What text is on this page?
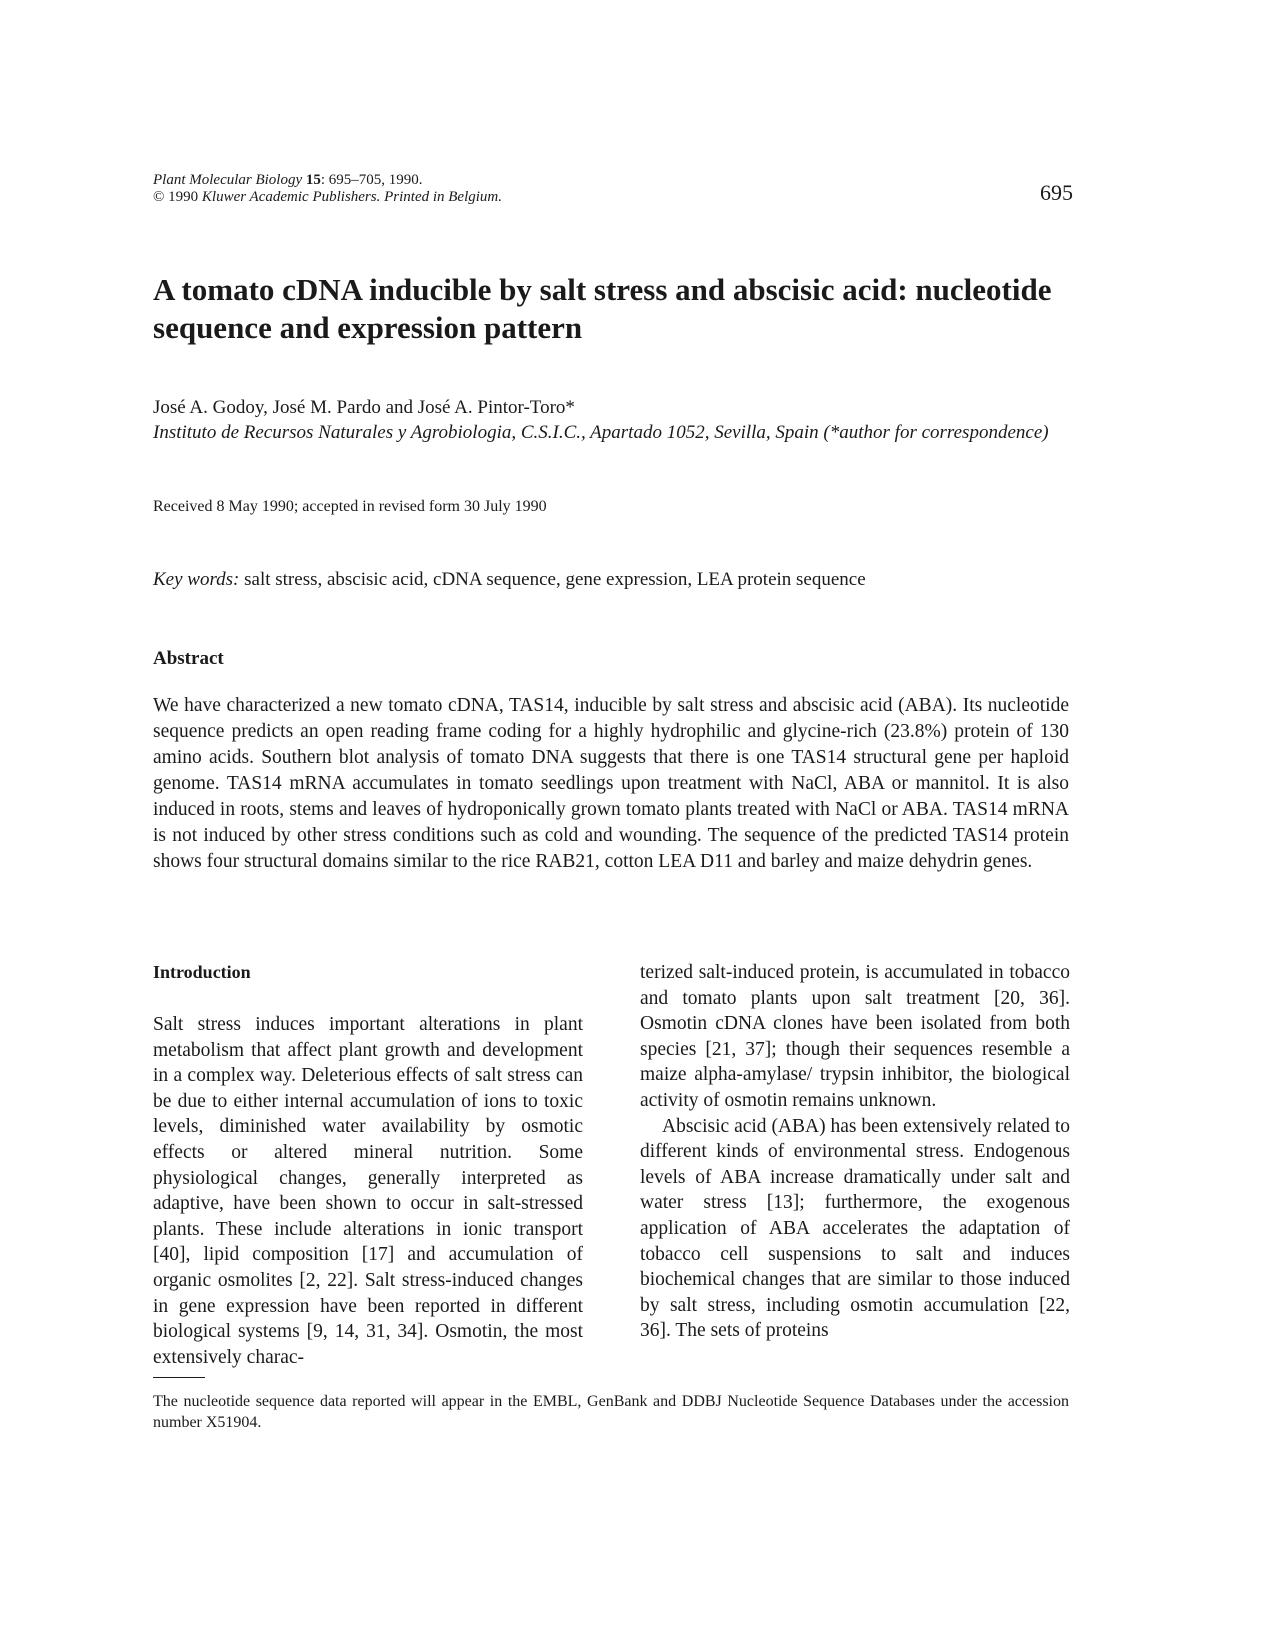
Plant Molecular Biology 15: 695–705, 1990.
© 1990 Kluwer Academic Publishers. Printed in Belgium.	695
A tomato cDNA inducible by salt stress and abscisic acid: nucleotide sequence and expression pattern
José A. Godoy, José M. Pardo and José A. Pintor-Toro*
Instituto de Recursos Naturales y Agrobiologia, C.S.I.C., Apartado 1052, Sevilla, Spain (*author for correspondence)
Received 8 May 1990; accepted in revised form 30 July 1990
Key words: salt stress, abscisic acid, cDNA sequence, gene expression, LEA protein sequence
Abstract

We have characterized a new tomato cDNA, TAS14, inducible by salt stress and abscisic acid (ABA). Its nucleotide sequence predicts an open reading frame coding for a highly hydrophilic and glycine-rich (23.8%) protein of 130 amino acids. Southern blot analysis of tomato DNA suggests that there is one TAS14 structural gene per haploid genome. TAS14 mRNA accumulates in tomato seedlings upon treatment with NaCl, ABA or mannitol. It is also induced in roots, stems and leaves of hydroponically grown tomato plants treated with NaCl or ABA. TAS14 mRNA is not induced by other stress conditions such as cold and wounding. The sequence of the predicted TAS14 protein shows four structural domains similar to the rice RAB21, cotton LEA D11 and barley and maize dehydrin genes.

Introduction

Salt stress induces important alterations in plant metabolism that affect plant growth and development in a complex way. Deleterious effects of salt stress can be due to either internal accumulation of ions to toxic levels, diminished water availability by osmotic effects or altered mineral nutrition. Some physiological changes, generally interpreted as adaptive, have been shown to occur in salt-stressed plants. These include alterations in ionic transport [40], lipid composition [17] and accumulation of organic osmolites [2, 22]. Salt stress-induced changes in gene expression have been reported in different biological systems [9, 14, 31, 34]. Osmotin, the most extensively charac-

terized salt-induced protein, is accumulated in tobacco and tomato plants upon salt treatment [20, 36]. Osmotin cDNA clones have been isolated from both species [21, 37]; though their sequences resemble a maize alpha-amylase/ trypsin inhibitor, the biological activity of osmotin remains unknown.

Abscisic acid (ABA) has been extensively related to different kinds of environmental stress. Endogenous levels of ABA increase dramatically under salt and water stress [13]; furthermore, the exogenous application of ABA accelerates the adaptation of tobacco cell suspensions to salt and induces biochemical changes that are similar to those induced by salt stress, including osmotin accumulation [22, 36]. The sets of proteins

The nucleotide sequence data reported will appear in the EMBL, GenBank and DDBJ Nucleotide Sequence Databases under the accession number X51904.
